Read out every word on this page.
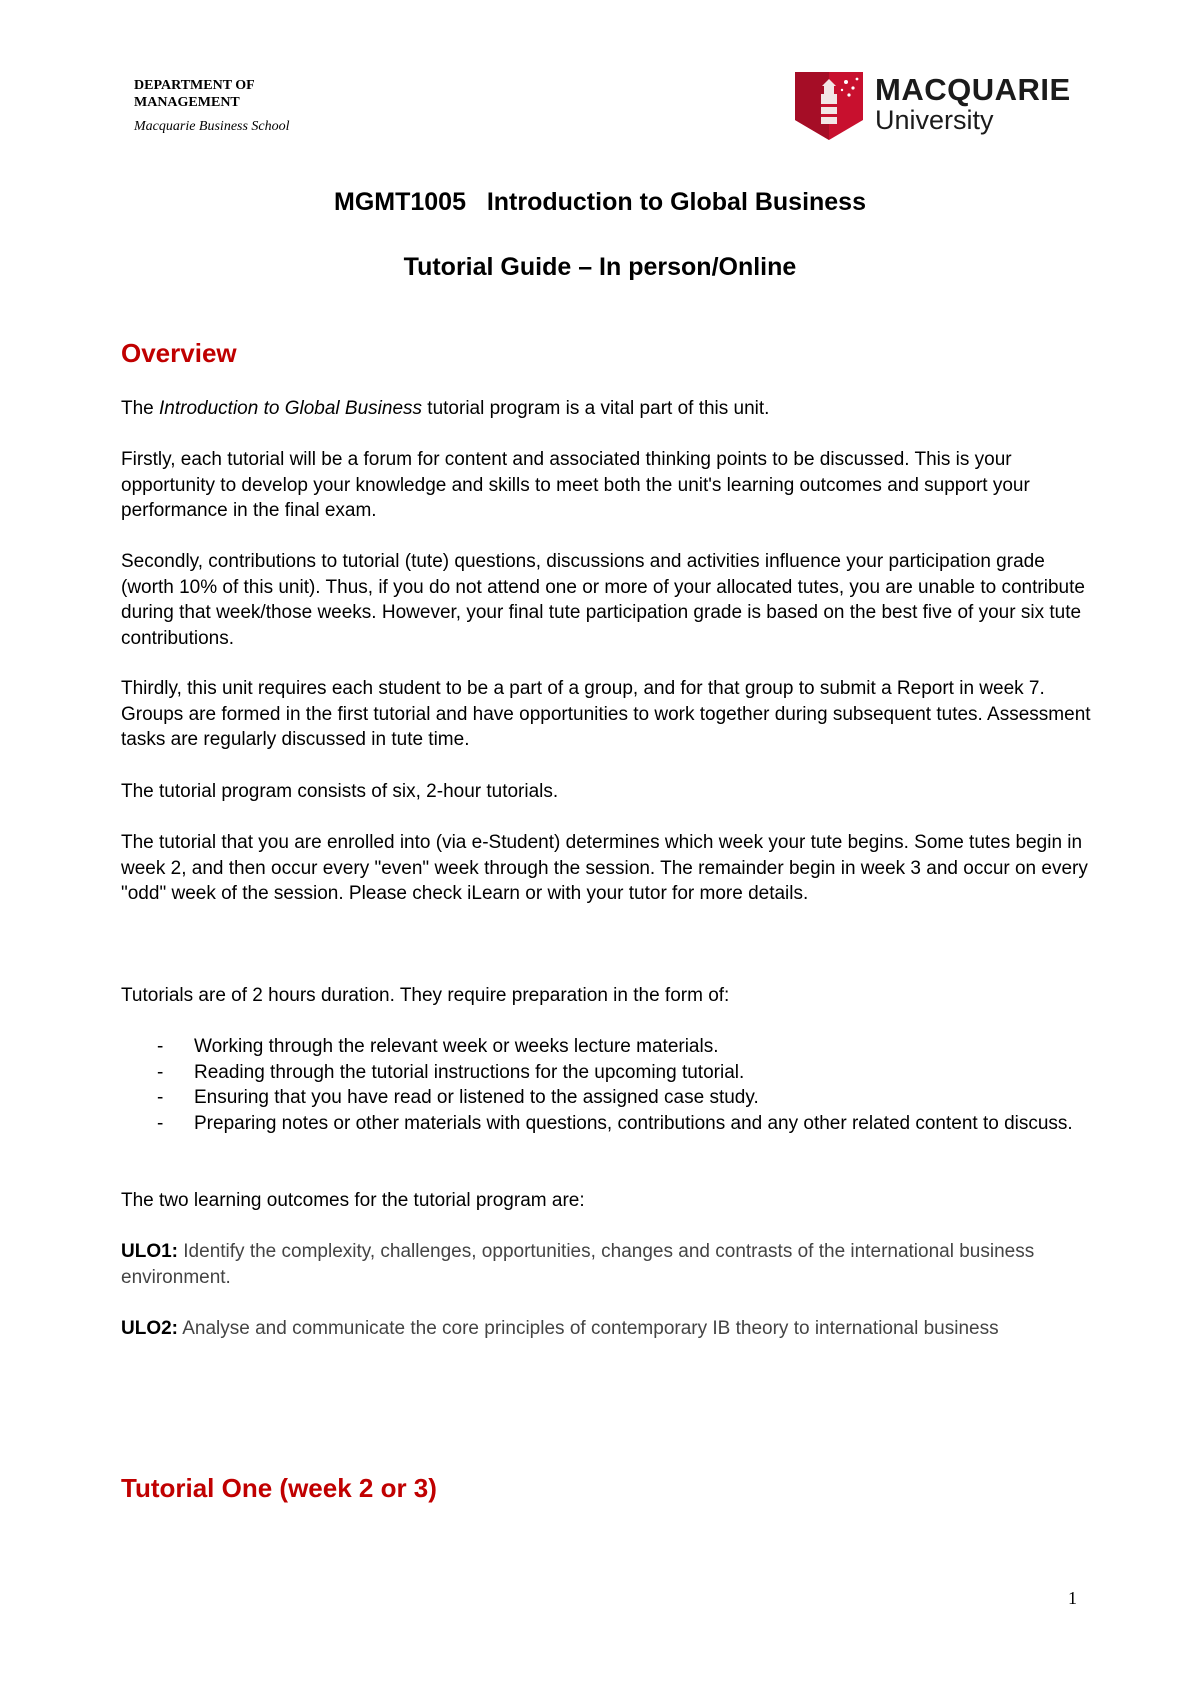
DEPARTMENT OF
MANAGEMENT
Macquarie Business School
MACQUARIE
University
MGMT1005   Introduction to Global Business
Tutorial Guide – In person/Online
Overview

The Introduction to Global Business tutorial program is a vital part of this unit.

Firstly, each tutorial will be a forum for content and associated thinking points to be discussed. This is your opportunity to develop your knowledge and skills to meet both the unit's learning outcomes and support your performance in the final exam.
Secondly, contributions to tutorial (tute) questions, discussions and activities influence your participation grade (worth 10% of this unit). Thus, if you do not attend one or more of your allocated tutes, you are unable to contribute during that week/those weeks. However, your final tute participation grade is based on the best five of your six tute contributions.
Thirdly, this unit requires each student to be a part of a group, and for that group to submit a Report in week 7. Groups are formed in the first tutorial and have opportunities to work together during subsequent tutes. Assessment tasks are regularly discussed in tute time.
The tutorial program consists of six, 2-hour tutorials.
The tutorial that you are enrolled into (via e-Student) determines which week your tute begins. Some tutes begin in week 2, and then occur every "even" week through the session. The remainder begin in week 3 and occur on every "odd" week of the session. Please check iLearn or with your tutor for more details.
Tutorials are of 2 hours duration. They require preparation in the form of:
- Working through the relevant week or weeks lecture materials.
- Reading through the tutorial instructions for the upcoming tutorial.
- Ensuring that you have read or listened to the assigned case study.
- Preparing notes or other materials with questions, contributions and any other related content to discuss.
The two learning outcomes for the tutorial program are:

ULO1: Identify the complexity, challenges, opportunities, changes and contrasts of the international business environment.

ULO2: Analyse and communicate the core principles of contemporary IB theory to international business

Tutorial One (week 2 or 3)
1
